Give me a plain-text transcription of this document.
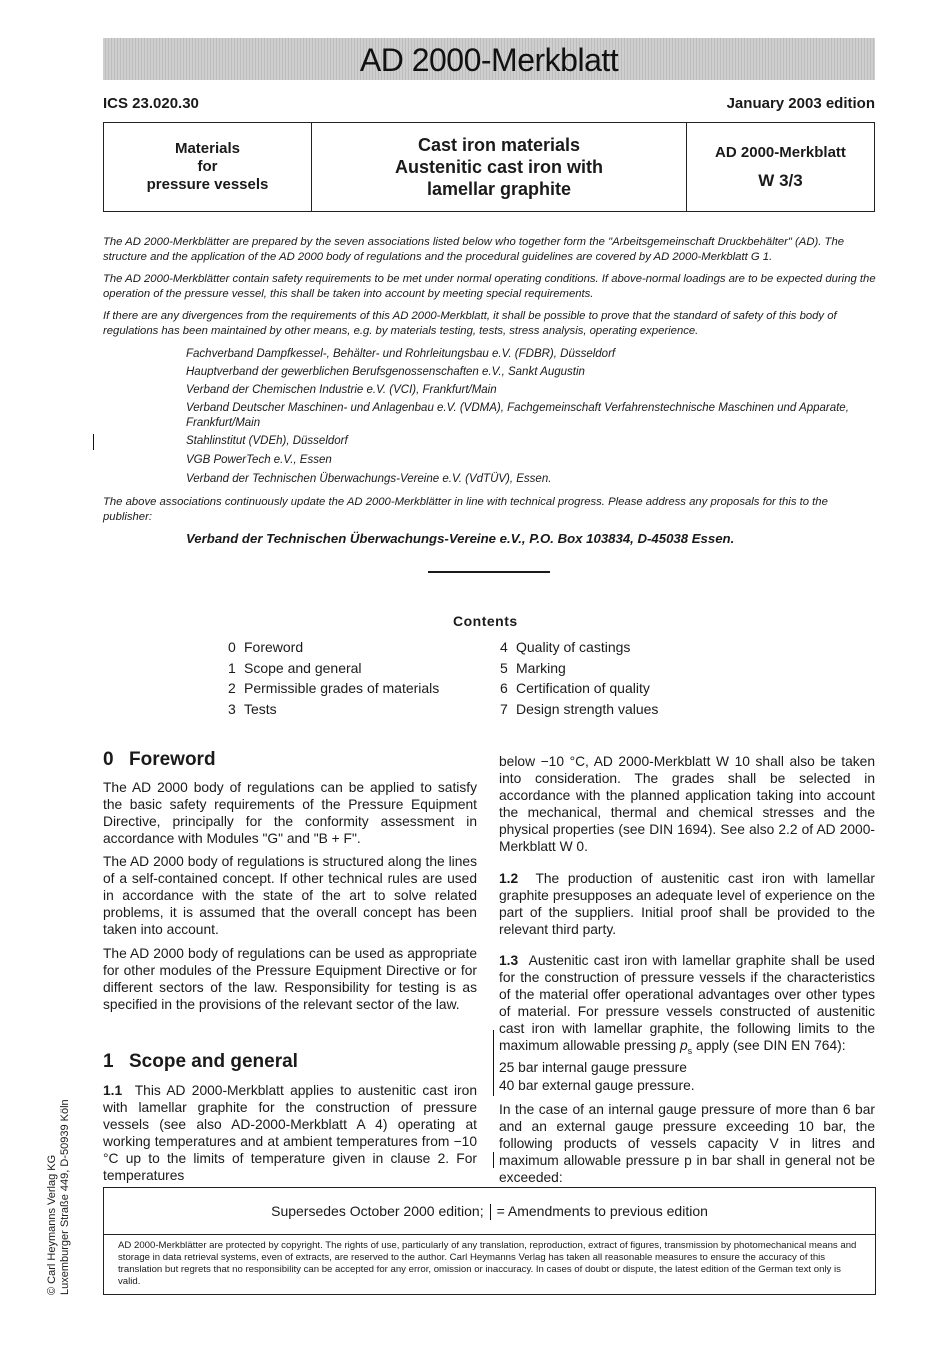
AD 2000-Merkblatt
ICS 23.020.30	January 2003 edition
Materials
for
pressure vessels
Cast iron materials
Austenitic cast iron with
lamellar graphite
AD 2000-Merkblatt
W 3/3
The AD 2000-Merkblätter are prepared by the seven associations listed below who together form the "Arbeitsgemeinschaft Druckbehälter" (AD). The structure and the application of the AD 2000 body of regulations and the procedural guidelines are covered by AD 2000-Merkblatt G 1.
The AD 2000-Merkblätter contain safety requirements to be met under normal operating conditions. If above-normal loadings are to be expected during the operation of the pressure vessel, this shall be taken into account by meeting special requirements.
If there are any divergences from the requirements of this AD 2000-Merkblatt, it shall be possible to prove that the standard of safety of this body of regulations has been maintained by other means, e.g. by materials testing, tests, stress analysis, operating experience.
Fachverband Dampfkessel-, Behälter- und Rohrleitungsbau e.V. (FDBR), Düsseldorf
Hauptverband der gewerblichen Berufsgenossenschaften e.V., Sankt Augustin
Verband der Chemischen Industrie e.V. (VCI), Frankfurt/Main
Verband Deutscher Maschinen- und Anlagenbau e.V. (VDMA), Fachgemeinschaft Verfahrenstechnische Maschinen und Apparate, Frankfurt/Main
Stahlinstitut (VDEh), Düsseldorf
VGB PowerTech e.V., Essen
Verband der Technischen Überwachungs-Vereine e.V. (VdTÜV), Essen.
The above associations continuously update the AD 2000-Merkblätter in line with technical progress. Please address any proposals for this to the publisher:
Verband der Technischen Überwachungs-Vereine e.V., P.O. Box 103834, D-45038 Essen.
Contents
0 Foreword
1 Scope and general
2 Permissible grades of materials
3 Tests
4 Quality of castings
5 Marking
6 Certification of quality
7 Design strength values
0 Foreword
The AD 2000 body of regulations can be applied to satisfy the basic safety requirements of the Pressure Equipment Directive, principally for the conformity assessment in accordance with Modules "G" and "B + F".
The AD 2000 body of regulations is structured along the lines of a self-contained concept. If other technical rules are used in accordance with the state of the art to solve related problems, it is assumed that the overall concept has been taken into account.
The AD 2000 body of regulations can be used as appropriate for other modules of the Pressure Equipment Directive or for different sectors of the law. Responsibility for testing is as specified in the provisions of the relevant sector of the law.
1 Scope and general
1.1 This AD 2000-Merkblatt applies to austenitic cast iron with lamellar graphite for the construction of pressure vessels (see also AD-2000-Merkblatt A 4) operating at working temperatures and at ambient temperatures from −10 °C up to the limits of temperature given in clause 2. For temperatures
below −10 °C, AD 2000-Merkblatt W 10 shall also be taken into consideration. The grades shall be selected in accordance with the planned application taking into account the mechanical, thermal and chemical stresses and the physical properties (see DIN 1694). See also 2.2 of AD 2000-Merkblatt W 0.
1.2 The production of austenitic cast iron with lamellar graphite presupposes an adequate level of experience on the part of the suppliers. Initial proof shall be provided to the relevant third party.
1.3 Austenitic cast iron with lamellar graphite shall be used for the construction of pressure vessels if the characteristics of the material offer operational advantages over other types of material. For pressure vessels constructed of austenitic cast iron with lamellar graphite, the following limits to the maximum allowable pressing $p_s$ apply (see DIN EN 764):
25 bar internal gauge pressure
40 bar external gauge pressure.
In the case of an internal gauge pressure of more than 6 bar and an external gauge pressure exceeding 10 bar, the following products of vessels capacity V in litres and maximum allowable pressure p in bar shall in general not be exceeded:
© Carl Heymanns Verlag KG Luxemburger Straße 449, D-50939 Köln	Supersedes October 2000 edition; = Amendments to previous edition
AD 2000-Merkblätter are protected by copyright. The rights of use, particularly of any translation, reproduction, extract of figures, transmission by photomechanical means and storage in data retrieval systems, even of extracts, are reserved to the author. Carl Heymanns Verlag has taken all reasonable measures to ensure the accuracy of this translation but regrets that no responsibility can be accepted for any error, omission or inaccuracy. In cases of doubt or dispute, the latest edition of the German text only is valid.
